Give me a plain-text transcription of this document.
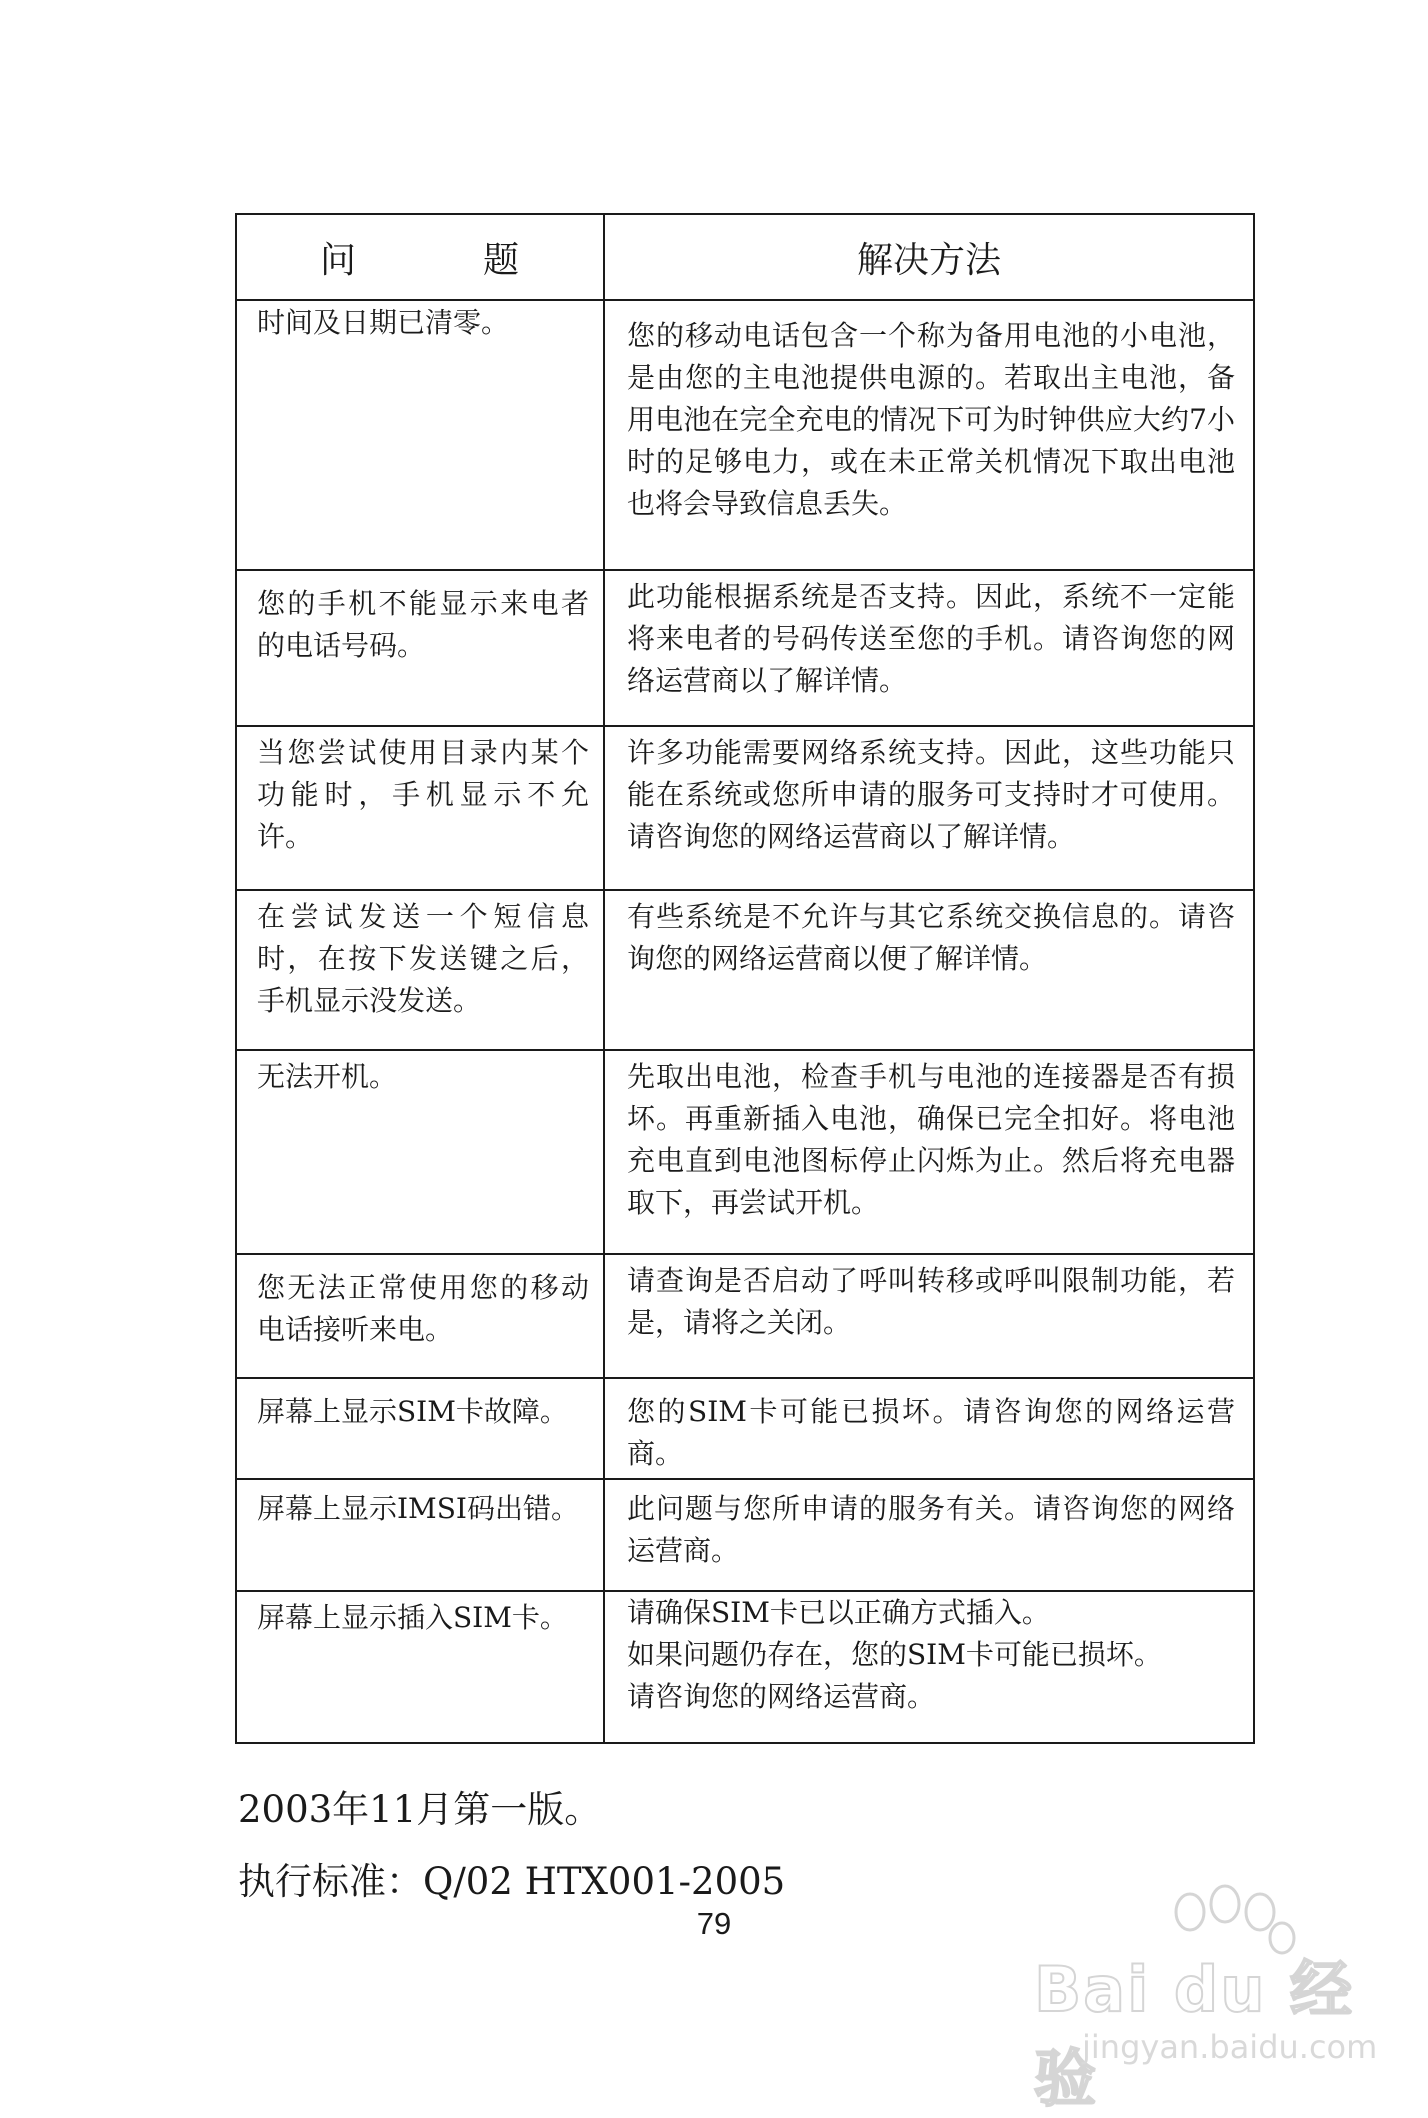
问　　　题	解决方法
时间及日期已清零。	您的移动电话包含一个称为备用电池的小电池，是由您的主电池提供电源的。若取出主电池，备用电池在完全充电的情况下可为时钟供应大约7小时的足够电力，或在未正常关机情况下取出电池也将会导致信息丢失。
您的手机不能显示来电者的电话号码。	此功能根据系统是否支持。因此，系统不一定能将来电者的号码传送至您的手机。请咨询您的网络运营商以了解详情。
当您尝试使用目录内某个功能时，手机显示不允许。	许多功能需要网络系统支持。因此，这些功能只能在系统或您所申请的服务可支持时才可使用。请咨询您的网络运营商以了解详情。
在尝试发送一个短信息时，在按下发送键之后，手机显示没发送。	有些系统是不允许与其它系统交换信息的。请咨询您的网络运营商以便了解详情。
无法开机。	先取出电池，检查手机与电池的连接器是否有损坏。再重新插入电池，确保已完全扣好。将电池充电直到电池图标停止闪烁为止。然后将充电器取下，再尝试开机。
您无法正常使用您的移动电话接听来电。	请查询是否启动了呼叫转移或呼叫限制功能，若是，请将之关闭。
屏幕上显示SIM卡故障。	您的SIM卡可能已损坏。请咨询您的网络运营商。
屏幕上显示IMSI码出错。	此问题与您所申请的服务有关。请咨询您的网络运营商。
屏幕上显示插入SIM卡。	请确保SIM卡已以正确方式插入。
如果问题仍存在，您的SIM卡可能已损坏。
请咨询您的网络运营商。
2003年11月第一版。
执行标准：Q/02 HTX001-2005
79
Bai du 经验
jingyan.baidu.com
